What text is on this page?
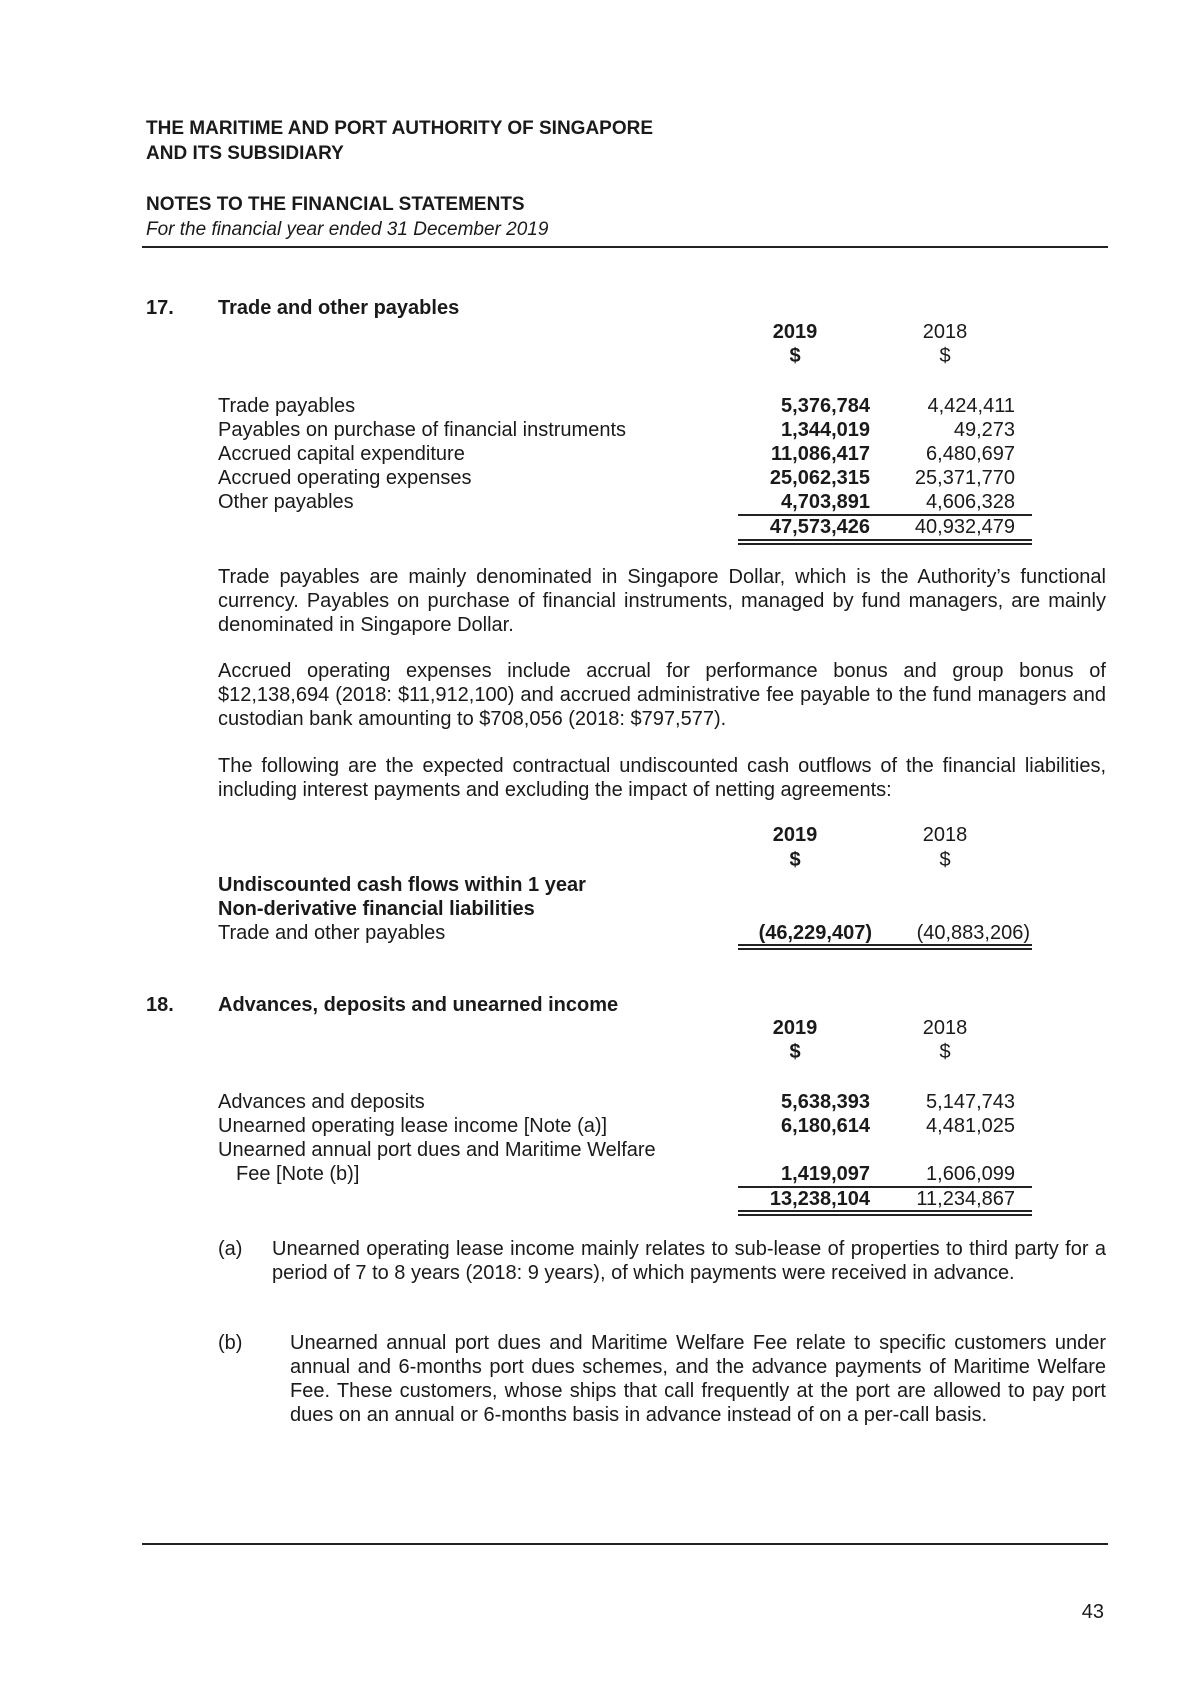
THE MARITIME AND PORT AUTHORITY OF SINGAPORE
AND ITS SUBSIDIARY
NOTES TO THE FINANCIAL STATEMENTS
For the financial year ended 31 December 2019
17. Trade and other payables
2019	2018
$	$
Trade payables	5,376,784	4,424,411
Payables on purchase of financial instruments	1,344,019	49,273
Accrued capital expenditure	11,086,417	6,480,697
Accrued operating expenses	25,062,315	25,371,770
Other payables	4,703,891	4,606,328
47,573,426	40,932,479
Trade payables are mainly denominated in Singapore Dollar, which is the Authority’s functional currency. Payables on purchase of financial instruments, managed by fund managers, are mainly denominated in Singapore Dollar.
Accrued operating expenses include accrual for performance bonus and group bonus of $12,138,694 (2018: $11,912,100) and accrued administrative fee payable to the fund managers and custodian bank amounting to $708,056 (2018: $797,577).
The following are the expected contractual undiscounted cash outflows of the financial liabilities, including interest payments and excluding the impact of netting agreements:
2019	2018
$	$
Undiscounted cash flows within 1 year
Non-derivative financial liabilities
Trade and other payables	(46,229,407)	(40,883,206)
18. Advances, deposits and unearned income
2019	2018
$	$
Advances and deposits	5,638,393	5,147,743
Unearned operating lease income [Note (a)]	6,180,614	4,481,025
Unearned annual port dues and Maritime Welfare
Fee [Note (b)]	1,419,097	1,606,099
13,238,104	11,234,867
(a) Unearned operating lease income mainly relates to sub-lease of properties to third party for a period of 7 to 8 years (2018: 9 years), of which payments were received in advance.
(b) Unearned annual port dues and Maritime Welfare Fee relate to specific customers under annual and 6-months port dues schemes, and the advance payments of Maritime Welfare Fee. These customers, whose ships that call frequently at the port are allowed to pay port dues on an annual or 6-months basis in advance instead of on a per-call basis.
43
